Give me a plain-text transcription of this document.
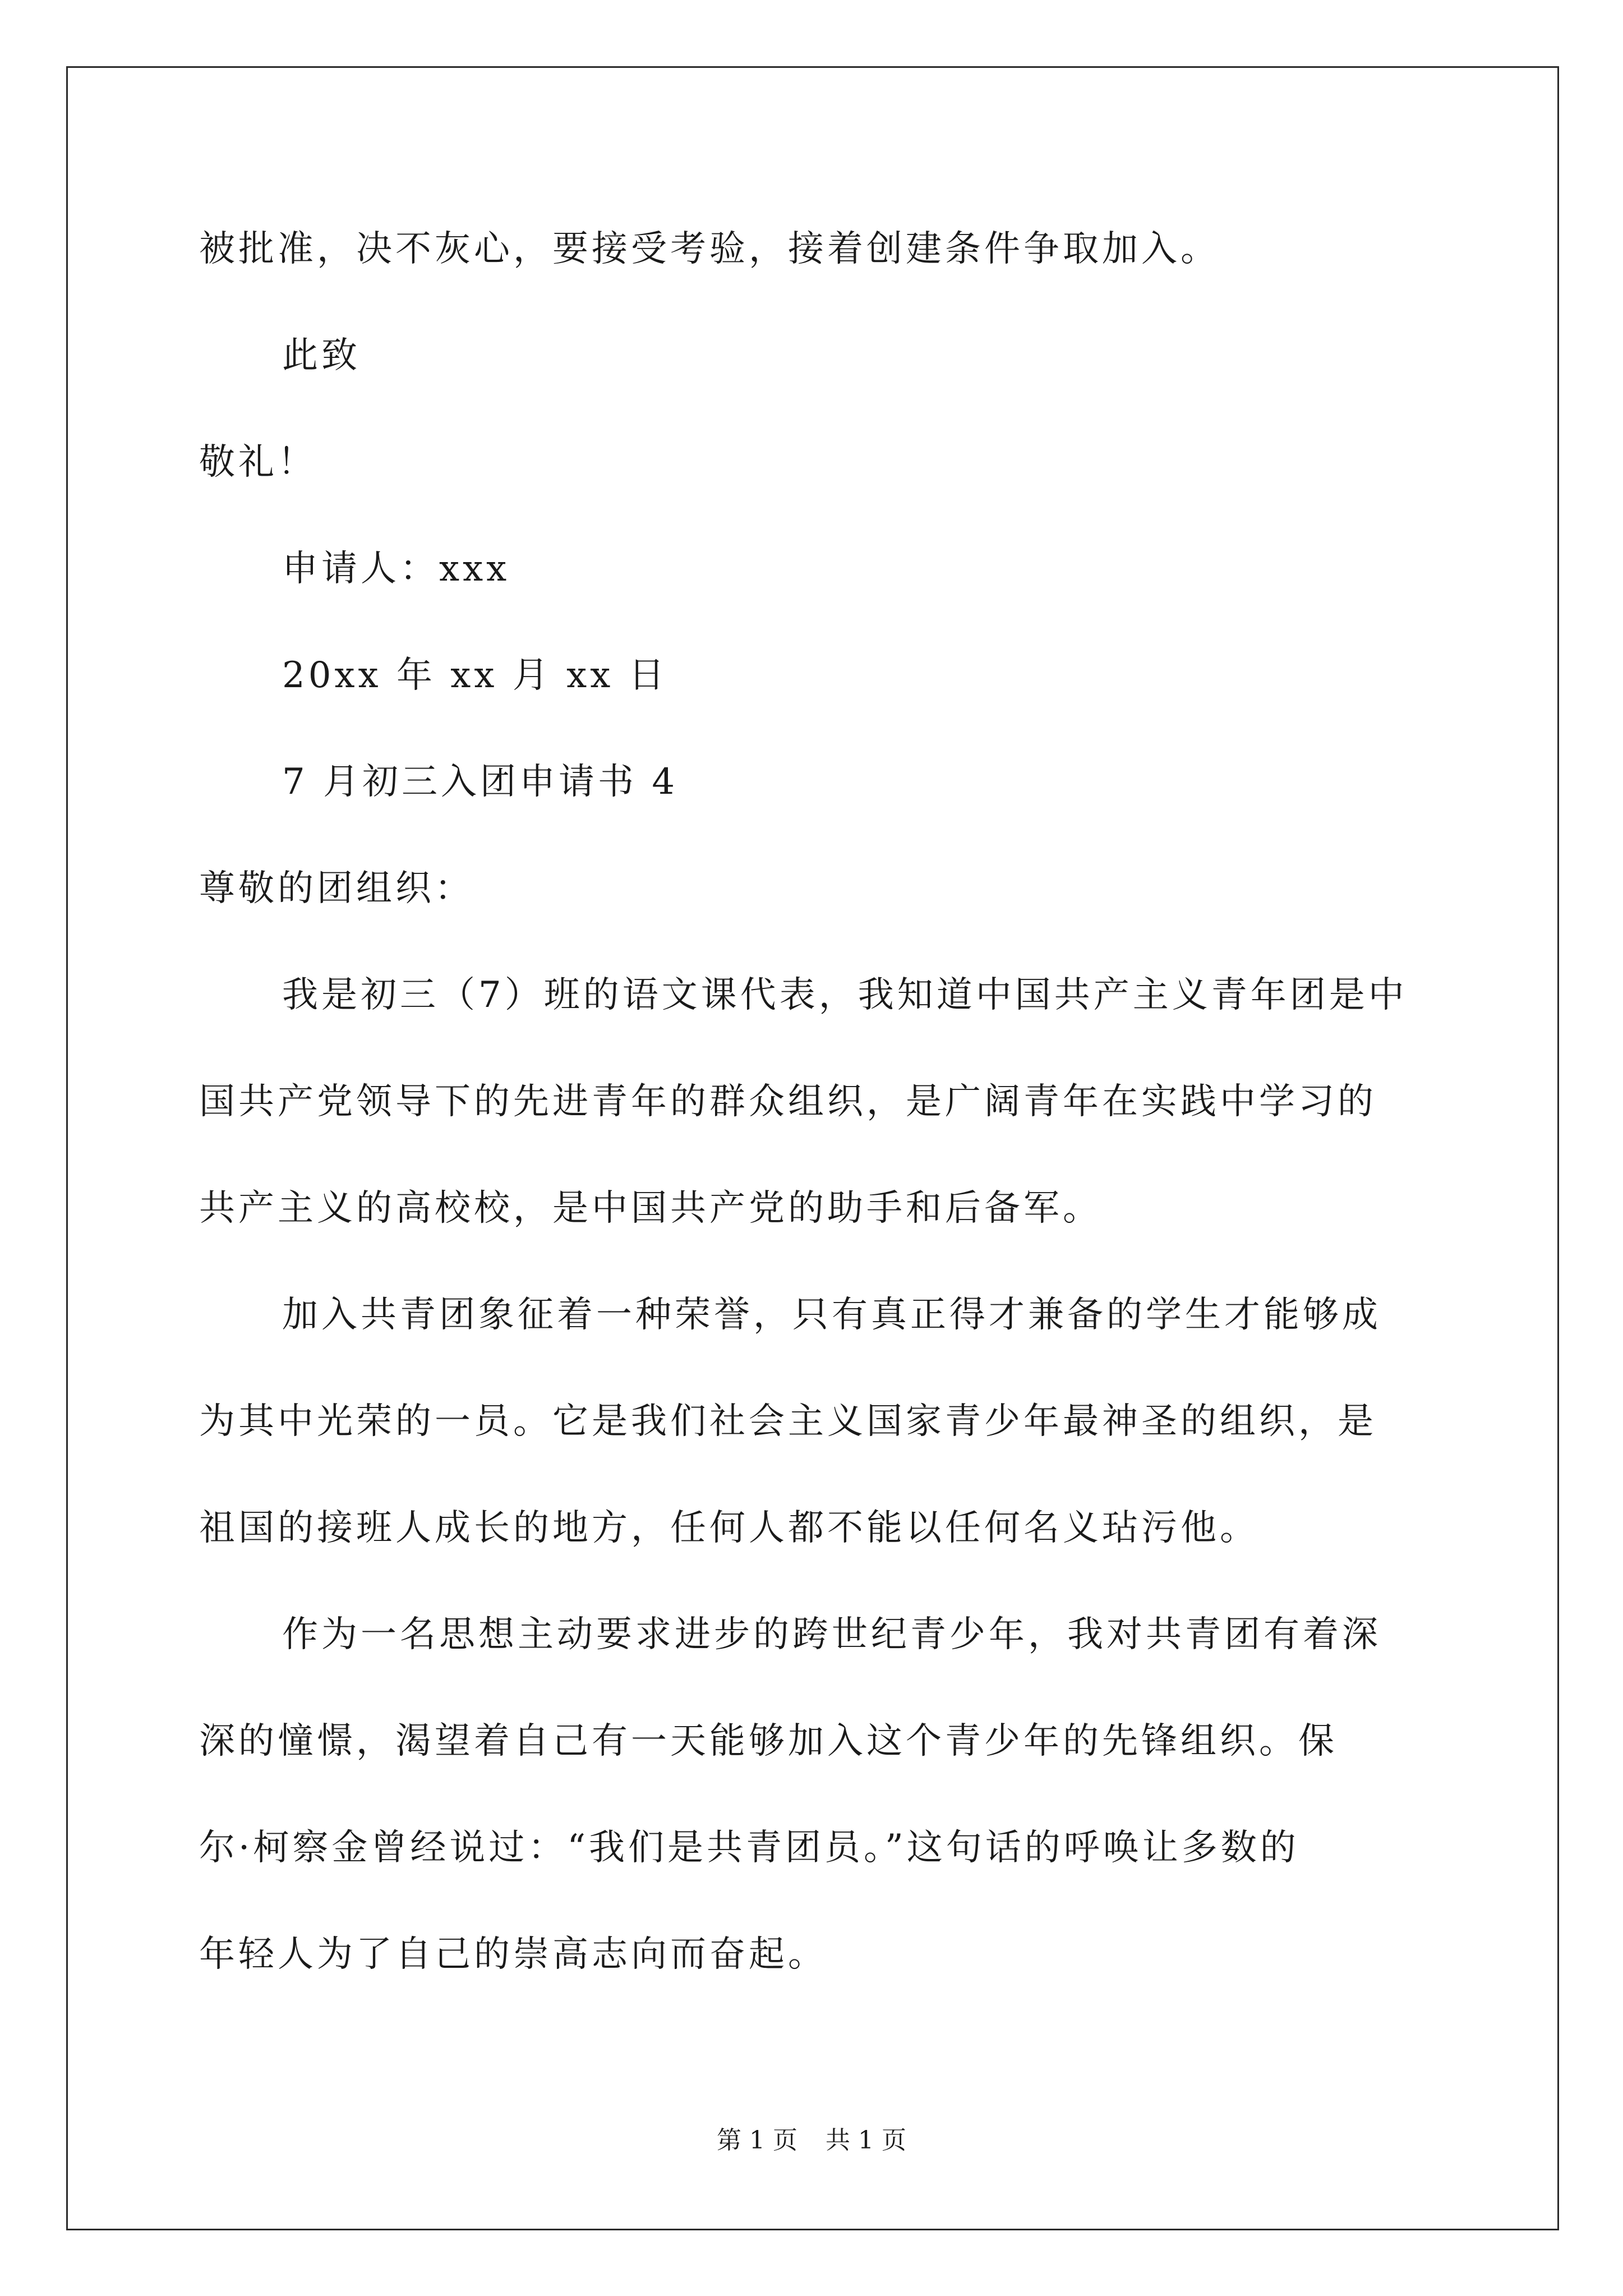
被批准，决不灰心，要接受考验，接着创建条件争取加入。
此致
敬礼！
申请人：xxx
20xx 年 xx 月 xx 日
7 月初三入团申请书 4
尊敬的团组织：
我是初三（7）班的语文课代表，我知道中国共产主义青年团是中
国共产党领导下的先进青年的群众组织，是广阔青年在实践中学习的
共产主义的高校校，是中国共产党的助手和后备军。
加入共青团象征着一种荣誉，只有真正得才兼备的学生才能够成
为其中光荣的一员。它是我们社会主义国家青少年最神圣的组织，是
祖国的接班人成长的地方，任何人都不能以任何名义玷污他。
作为一名思想主动要求进步的跨世纪青少年，我对共青团有着深
深的憧憬，渴望着自己有一天能够加入这个青少年的先锋组织。保
尔·柯察金曾经说过：“我们是共青团员。”这句话的呼唤让多数的
年轻人为了自己的崇高志向而奋起。
第 1 页 共 1 页
